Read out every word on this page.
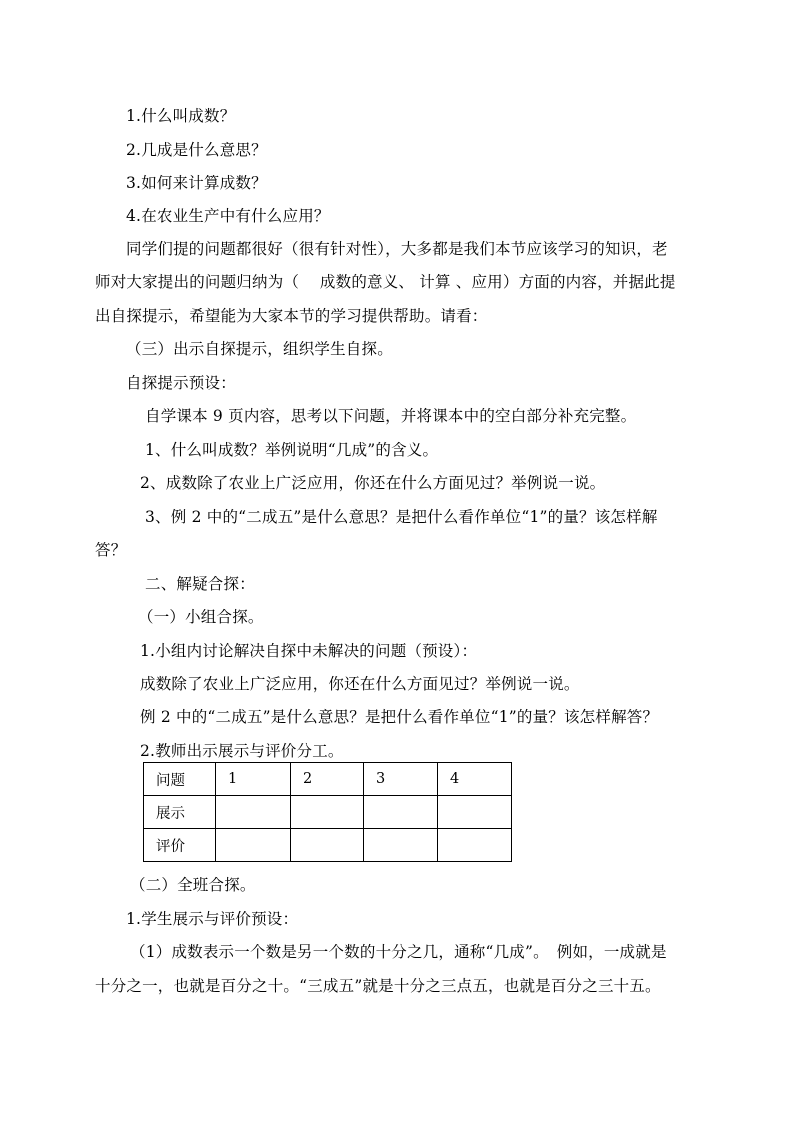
1.什么叫成数？
2.几成是什么意思？
3.如何来计算成数？
4.在农业生产中有什么应用？
同学们提的问题都很好（很有针对性），大多都是我们本节应该学习的知识，老
师对大家提出的问题归纳为（　 成数的意义、 计算 、应用）方面的内容，并据此提
出自探提示，希望能为大家本节的学习提供帮助。请看：
（三）出示自探提示，组织学生自探。
自探提示预设：
自学课本 9 页内容，思考以下问题，并将课本中的空白部分补充完整。
1、什么叫成数？举例说明“几成”的含义。
2、成数除了农业上广泛应用，你还在什么方面见过？举例说一说。
3、例 2 中的“二成五”是什么意思？是把什么看作单位“1”的量？该怎样解
答？
二、解疑合探：
（一）小组合探。
1.小组内讨论解决自探中未解决的问题（预设）：
成数除了农业上广泛应用，你还在什么方面见过？举例说一说。
例 2 中的“二成五”是什么意思？是把什么看作单位“1”的量？该怎样解答？
2.教师出示展示与评价分工。
问题	1	2	3	4
展示				
评价				
（二）全班合探。
1.学生展示与评价预设：
（1）成数表示一个数是另一个数的十分之几，通称“几成”。　例如，一成就是
十分之一，也就是百分之十。“三成五”就是十分之三点五，也就是百分之三十五。
